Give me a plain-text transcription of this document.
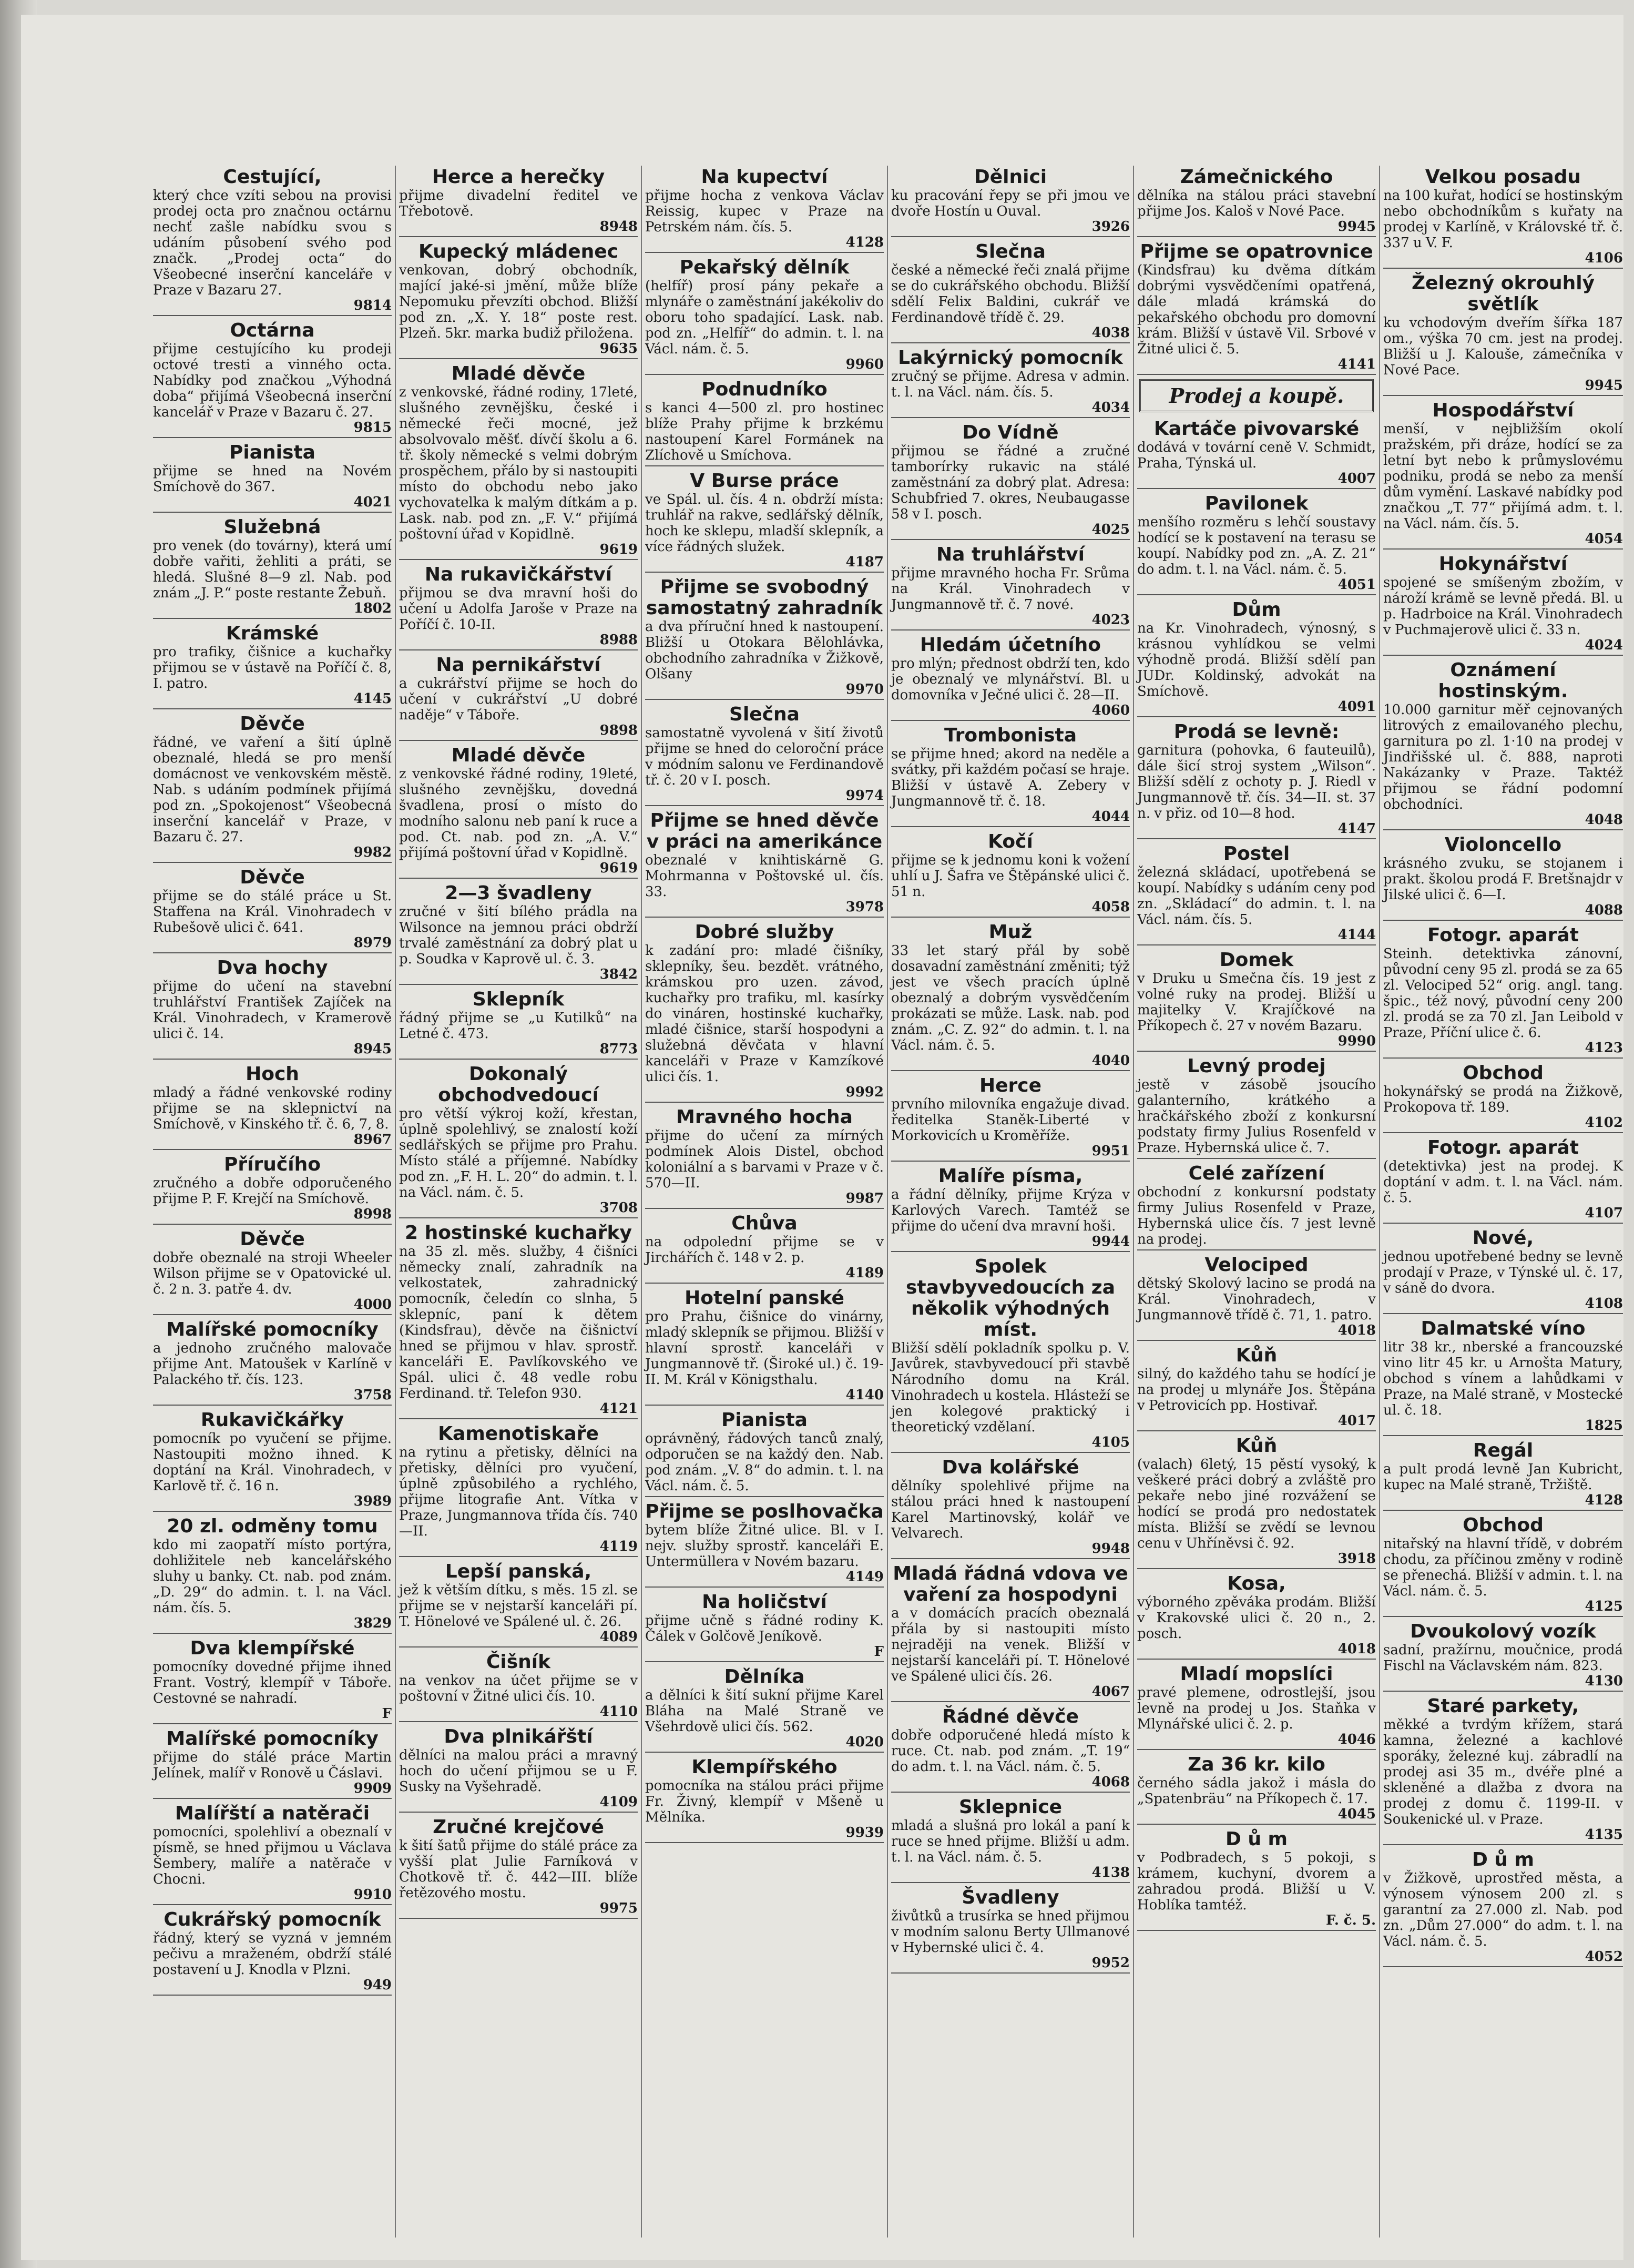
Cestující,
který chce vzíti sebou na provisi prodej octa pro značnou octárnu nechť zašle nabídku svou s udáním působení svého pod značk. „Prodej octa“ do Všeobecné inserční kanceláře v Praze v Bazaru 27.
9814
Octárna
přijme cestujícího ku prodeji octové tresti a vinného octa. Nabídky pod značkou „Výhodná doba“ přijímá Všeobecná inserční kancelář v Praze v Bazaru č. 27.
9815
Pianista
přijme se hned na Novém Smíchově do 367.
4021
Služebná
pro venek (do továrny), která umí dobře vařiti, žehliti a práti, se hledá. Slušné 8—9 zl. Nab. pod znám „J. P.“ poste restante Žebuň.
1802
Krámské
pro trafiky, čišnice a kuchařky přijmou se v ústavě na Poříčí č. 8, I. patro.
4145
Děvče
řádné, ve vaření a šití úplně obeznalé, hledá se pro menší domácnost ve venkovském městě. Nab. s udáním podmínek přijímá pod zn. „Spokojenost“ Všeobecná inserční kancelář v Praze, v Bazaru č. 27.
9982
Děvče
přijme se do stálé práce u St. Staffena na Král. Vinohradech v Rubešově ulici č. 641.
8979
Dva hochy
přijme do učení na stavební truhlářství František Zajíček na Král. Vinohradech, v Kramerově ulici č. 14.
8945
Hoch
mladý a řádné venkovské rodiny přijme se na sklepnictví na Smíchově, v Kinského tř. č. 6, 7, 8.
8967
Příručího
zručného a dobře odporučeného přijme P. F. Krejčí na Smíchově.
8998
Děvče
dobře obeznalé na stroji Wheeler Wilson přijme se v Opatovické ul. č. 2 n. 3. patře 4. dv.
4000
Malířské pomocníky
a jednoho zručného malovače přijme Ant. Matoušek v Karlíně v Palackého tř. čís. 123.
3758
Rukavičkářky
pomocník po vyučení se přijme. Nastoupiti možno ihned. K doptání na Král. Vinohradech, v Karlově tř. č. 16 n.
3989
20 zl. odměny tomu
kdo mi zaopatří místo portýra, dohližitele neb kancelářského sluhy u banky. Ct. nab. pod znám. „D. 29“ do admin. t. l. na Václ. nám. čís. 5.
3829
Dva klempířské
pomocníky dovedné přijme ihned Frant. Vostrý, klempíř v Táboře. Cestovné se nahradí.
F
Malířské pomocníky
přijme do stálé práce Martin Jelínek, malíř v Ronově u Čáslavi.
9909
Malířští a natěrači
pomocníci, spolehliví a obeznalí v písmě, se hned přijmou u Václava Šembery, malíře a natěrače v Chocni.
9910
Cukrářský pomocník
řádný, který se vyzná v jemném pečivu a mraženém, obdrží stálé postavení u J. Knodla v Plzni.
949
Herce a herečky
přijme divadelní ředitel ve Třebotově.
8948
Kupecký mládenec
venkovan, dobrý obchodník, mající jaké-si jmění, může blíže Nepomuku převzíti obchod. Bližší pod zn. „X. Y. 18“ poste rest. Plzeň. 5kr. marka budiž přiložena.
9635
Mladé děvče
z venkovské, řádné rodiny, 17leté, slušného zevnějšku, české i německé řeči mocné, jež absolvovalo měšť. dívčí školu a 6. tř. školy německé s velmi dobrým prospěchem, přálo by si nastoupiti místo do obchodu nebo jako vychovatelka k malým dítkám a p. Lask. nab. pod zn. „F. V.“ přijímá poštovní úřad v Kopidlně.
9619
Na rukavičkářství
přijmou se dva mravní hoši do učení u Adolfa Jaroše v Praze na Poříčí č. 10-II.
8988
Na pernikářství
a cukrářství přijme se hoch do učení v cukrářství „U dobré naděje“ v Táboře.
9898
Mladé děvče
z venkovské řádné rodiny, 19leté, slušného zevnějšku, dovedná švadlena, prosí o místo do modního salonu neb paní k ruce a pod. Ct. nab. pod zn. „A. V.“ přijímá poštovní úřad v Kopidlně.
9619
2—3 švadleny
zručné v šití bílého prádla na Wilsonce na jemnou práci obdrží trvalé zaměstnání za dobrý plat u p. Soudka v Kaprově ul. č. 3.
3842
Sklepník
řádný přijme se „u Kutilků“ na Letné č. 473.
8773
Dokonalý obchodvedoucí
pro větší výkroj koží, křestan, úplně spolehlivý, se znalostí koží sedlářských se přijme pro Prahu. Místo stálé a příjemné. Nabídky pod zn. „F. H. L. 20“ do admin. t. l. na Václ. nám. č. 5.
3708
2 hostinské kuchařky
na 35 zl. měs. služby, 4 čišníci německy znalí, zahradník na velkostatek, zahradnický pomocník, čeledín co slnha, 5 sklepníc, paní k dětem (Kindsfrau), děvče na čišnictví hned se přijmou v hlav. sprostř. kanceláři E. Pavlíkovského ve Spál. ulici č. 48 vedle robu Ferdinand. tř. Telefon 930.
4121
Kamenotiskaře
na rytinu a přetisky, dělníci na přetisky, dělníci pro vyučení, úplně způsobilého a rychlého, přijme litografie Ant. Vítka v Praze, Jungmannova třída čís. 740—II.
4119
Lepší panská,
jež k větším dítku, s měs. 15 zl. se přijme se v nejstarší kanceláři pí. T. Hönelové ve Spálené ul. č. 26.
4089
Čišník
na venkov na účet přijme se v poštovní v Žitné ulici čís. 10.
4110
Dva plnikářští
dělníci na malou práci a mravný hoch do učení přijmou se u F. Susky na Vyšehradě.
4109
Zručné krejčové
k šití šatů přijme do stálé práce za vyšší plat Julie Farníková v Chotkově tř. č. 442—III. blíže řetězového mostu.
9975
Na kupectví
přijme hocha z venkova Václav Reissig, kupec v Praze na Petrském nám. čís. 5.
4128
Pekařský dělník
(helfíř) prosí pány pekaře a mlynáře o zaměstnání jakékoliv do oboru toho spadající. Lask. nab. pod zn. „Helfíř“ do admin. t. l. na Václ. nám. č. 5.
9960
Podnudníko
s kanci 4—500 zl. pro hostinec blíže Prahy přijme k brzkému nastoupení Karel Formánek na Zlíchově u Smíchova.
V Burse práce
ve Spál. ul. čís. 4 n. obdrží místa: truhlář na rakve, sedlářský dělník, hoch ke sklepu, mladší sklepník, a více řádných služek.
4187
Přijme se svobodný samostatný zahradník
a dva příruční hned k nastoupení. Bližší u Otokara Bělohlávka, obchodního zahradníka v Žižkově, Olšany
9970
Slečna
samostatně vyvolená v šití životů přijme se hned do celoroční práce v módním salonu ve Ferdinandově tř. č. 20 v I. posch.
9974
Přijme se hned děvče v práci na amerikánce
obeznalé v knihtiskárně G. Mohrmanna v Poštovské ul. čís. 33.
3978
Dobré služby
k zadání pro: mladé čišníky, sklepníky, šeu. bezdět. vrátného, krámskou pro uzen. závod, kuchařky pro trafiku, ml. kasírky do vináren, hostinské kuchařky, mladé čišnice, starší hospodyni a služebná děvčata v hlavní kanceláři v Praze v Kamzíkové ulici čís. 1.
9992
Mravného hocha
přijme do učení za mírných podmínek Alois Distel, obchod koloniální a s barvami v Praze v č. 570—II.
9987
Chůva
na odpolední přijme se v Jirchářích č. 148 v 2. p.
4189
Hotelní panské
pro Prahu, čišnice do vinárny, mladý sklepník se přijmou. Bližší v hlavní sprostř. kanceláři v Jungmannově tř. (Široké ul.) č. 19-II. M. Král v Königsthalu.
4140
Pianista
oprávněný, řádových tanců znalý, odporučen se na každý den. Nab. pod znám. „V. 8“ do admin. t. l. na Václ. nám. č. 5.
Přijme se poslhovačka
bytem blíže Žitné ulice. Bl. v I. nejv. služby sprostř. kanceláři E. Untermüllera v Novém bazaru.
4149
Na holičství
přijme učně s řádné rodiny K. Čálek v Golčově Jeníkově.
F
Dělníka
a dělníci k šití sukní přijme Karel Bláha na Malé Straně ve Všehrdově ulici čís. 562.
4020
Klempířského
pomocníka na stálou práci přijme Fr. Živný, klempíř v Mšeně u Mělníka.
9939
Dělnici
ku pracování řepy se při jmou ve dvoře Hostín u Ouval.
3926
Slečna
české a německé řeči znalá přijme se do cukrářského obchodu. Bližší sdělí Felix Baldini, cukrář ve Ferdinandově třídě č. 29.
4038
Lakýrnický pomocník
zručný se přijme. Adresa v admin. t. l. na Václ. nám. čís. 5.
4034
Do Vídně
přijmou se řádné a zručné tamborírky rukavic na stálé zaměstnání za dobrý plat. Adresa: Schubfried 7. okres, Neubaugasse 58 v I. posch.
4025
Na truhlářství
přijme mravného hocha Fr. Srůma na Král. Vinohradech v Jungmannově tř. č. 7 nové.
4023
Hledám účetního
pro mlýn; přednost obdrží ten, kdo je obeznalý ve mlynářství. Bl. u domovníka v Ječné ulici č. 28—II.
4060
Trombonista
se přijme hned; akord na neděle a svátky, při každém počasí se hraje. Bližší v ústavě A. Zebery v Jungmannově tř. č. 18.
4044
Kočí
přijme se k jednomu koni k vožení uhlí u J. Šafra ve Štěpánské ulici č. 51 n.
4058
Muž
33 let starý přál by sobě dosavadní zaměstnání změniti; týž jest ve všech pracích úplně obeznalý a dobrým vysvědčením prokázati se může. Lask. nab. pod znám. „C. Z. 92“ do admin. t. l. na Václ. nám. č. 5.
4040
Herce
prvního milovníka engažuje divad. ředitelka Staněk-Liberté v Morkovicích u Kroměříže.
9951
Malíře písma,
a řádní dělníky, přijme Krýza v Karlových Varech. Tamtéž se přijme do učení dva mravní hoši.
9944
Spolek stavbyvedoucích za několik výhodných míst.
Bližší sdělí pokladník spolku p. V. Javůrek, stavbyvedoucí při stavbě Národního domu na Král. Vinohradech u kostela. Hlásteží se jen kolegové praktický i theoretický vzdělaní.
4105
Dva kolářské
dělníky spolehlivé přijme na stálou práci hned k nastoupení Karel Martinovský, kolář ve Velvarech.
9948
Mladá řádná vdova ve vaření za hospodyni
a v domácích pracích obeznalá přála by si nastoupiti místo nejraději na venek. Bližší v nejstarší kanceláři pí. T. Hönelové ve Spálené ulici čís. 26.
4067
Řádné děvče
dobře odporučené hledá místo k ruce. Ct. nab. pod znám. „T. 19“ do adm. t. l. na Václ. nám. č. 5.
4068
Sklepnice
mladá a slušná pro lokál a paní k ruce se hned přijme. Bližší u adm. t. l. na Václ. nám. č. 5.
4138
Švadleny
živůtků a trusírka se hned přijmou v modním salonu Berty Ullmanové v Hybernské ulici č. 4.
9952
Zámečnického
dělníka na stálou práci stavební přijme Jos. Kaloš v Nové Pace.
9945
Přijme se opatrovnice
(Kindsfrau) ku dvěma dítkám dobrými vysvědčeními opatřená, dále mladá krámská do pekařského obchodu pro domovní krám. Bližší v ústavě Vil. Srbové v Žitné ulici č. 5.
4141
Prodej a koupě.
Kartáče pivovarské
dodává v tovární ceně V. Schmidt, Praha, Týnská ul.
4007
Pavilonek
menšího rozměru s lehčí soustavy hodící se k postavení na terasu se koupí. Nabídky pod zn. „A. Z. 21“ do adm. t. l. na Václ. nám. č. 5.
4051
Dům
na Kr. Vinohradech, výnosný, s krásnou vyhlídkou se velmi výhodně prodá. Bližší sdělí pan JUDr. Koldinský, advokát na Smíchově.
4091
Prodá se levně:
garnitura (pohovka, 6 fauteuilů), dále šicí stroj system „Wilson“. Bližší sdělí z ochoty p. J. Riedl v Jungmannově tř. čís. 34—II. st. 37 n. v přiz. od 10—8 hod.
4147
Postel
železná skládací, upotřebená se koupí. Nabídky s udáním ceny pod zn. „Skládací“ do admin. t. l. na Václ. nám. čís. 5.
4144
Domek
v Druku u Smečna čís. 19 jest z volné ruky na prodej. Bližší u majitelky V. Krajíčkové na Příkopech č. 27 v novém Bazaru.
9990
Levný prodej
jestě v zásobě jsoucího galanterního, krátkého a hračkářského zboží z konkursní podstaty firmy Julius Rosenfeld v Praze. Hybernská ulice č. 7.
Celé zařízení
obchodní z konkursní podstaty firmy Julius Rosenfeld v Praze, Hybernská ulice čís. 7 jest levně na prodej.
Velociped
dětský Skolový lacino se prodá na Král. Vinohradech, v Jungmannově třídě č. 71, 1. patro.
4018
Kůň
silný, do každého tahu se hodící je na prodej u mlynáře Jos. Štěpána v Petrovicích pp. Hostivař.
4017
Kůň
(valach) 6letý, 15 pěstí vysoký, k veškeré práci dobrý a zvláště pro pekaře nebo jiné rozvážení se hodící se prodá pro nedostatek místa. Bližší se zvědí se levnou cenu v Uhříněvsi č. 92.
3918
Kosa,
výborného zpěváka prodám. Bližší v Krakovské ulici č. 20 n., 2. posch.
4018
Mladí mopslíci
pravé plemene, odrostlejší, jsou levně na prodej u Jos. Staňka v Mlynářské ulici č. 2. p.
4046
Za 36 kr. kilo
černého sádla jakož i másla do „Spatenbräu“ na Příkopech č. 17.
4045
D ů m
v Podbradech, s 5 pokoji, s krámem, kuchyní, dvorem a zahradou prodá. Bližší u V. Hoblíka tamtéž.
F. č. 5.
Velkou posadu
na 100 kuřat, hodící se hostinským nebo obchodníkům s kuřaty na prodej v Karlíně, v Královské tř. č. 337 u V. F.
4106
Železný okrouhlý světlík
ku vchodovým dveřím šířka 187 om., výška 70 cm. jest na prodej. Bližší u J. Kalouše, zámečníka v Nové Pace.
9945
Hospodářství
menší, v nejbližším okolí pražském, při dráze, hodící se za letní byt nebo k průmyslovému podniku, prodá se nebo za menší dům vymění. Laskavé nabídky pod značkou „T. 77“ přijímá adm. t. l. na Václ. nám. čís. 5.
4054
Hokynářství
spojené se smíšeným zbožím, v nároží krámě se levně předá. Bl. u p. Hadrboice na Král. Vinohradech v Puchmajerově ulici č. 33 n.
4024
Oznámení hostinským.
10.000 garnitur měř cejnovaných litrových z emailovaného plechu, garnitura po zl. 1·10 na prodej v Jindřišské ul. č. 888, naproti Nakázanky v Praze. Taktéž přijmou se řádní podomní obchodníci.
4048
Violoncello
krásného zvuku, se stojanem i prakt. školou prodá F. Bretšnajdr v Jilské ulici č. 6—I.
4088
Fotogr. aparát
Steinh. detektivka zánovní, původní ceny 95 zl. prodá se za 65 zl. Velociped 52“ orig. angl. tang. špic., též nový, původní ceny 200 zl. prodá se za 70 zl. Jan Leibold v Praze, Příční ulice č. 6.
4123
Obchod
hokynářský se prodá na Žižkově, Prokopova tř. 189.
4102
Fotogr. aparát
(detektivka) jest na prodej. K doptání v adm. t. l. na Václ. nám. č. 5.
4107
Nové,
jednou upotřebené bedny se levně prodají v Praze, v Týnské ul. č. 17, v sáně do dvora.
4108
Dalmatské víno
litr 38 kr., nberské a francouzské vino litr 45 kr. u Arnošta Matury, obchod s vínem a lahůdkami v Praze, na Malé straně, v Mostecké ul. č. 18.
1825
Regál
a pult prodá levně Jan Kubricht, kupec na Malé straně, Tržiště.
4128
Obchod
nitařský na hlavní třídě, v dobrém chodu, za příčinou změny v rodině se přenechá. Bližší v admin. t. l. na Václ. nám. č. 5.
4125
Dvoukolový vozík
sadní, pražírnu, moučnice, prodá Fischl na Václavském nám. 823.
4130
Staré parkety,
měkké a tvrdým křížem, stará kamna, železné a kachlové sporáky, železné kuj. zábradlí na prodej asi 35 m., dvéře plné a skleněné a dlažba z dvora na prodej z domu č. 1199-II. v Soukenické ul. v Praze.
4135
D ů m
v Žižkově, uprostřed města, a výnosem výnosem 200 zl. s garantní za 27.000 zl. Nab. pod zn. „Dům 27.000“ do adm. t. l. na Václ. nám. č. 5.
4052
